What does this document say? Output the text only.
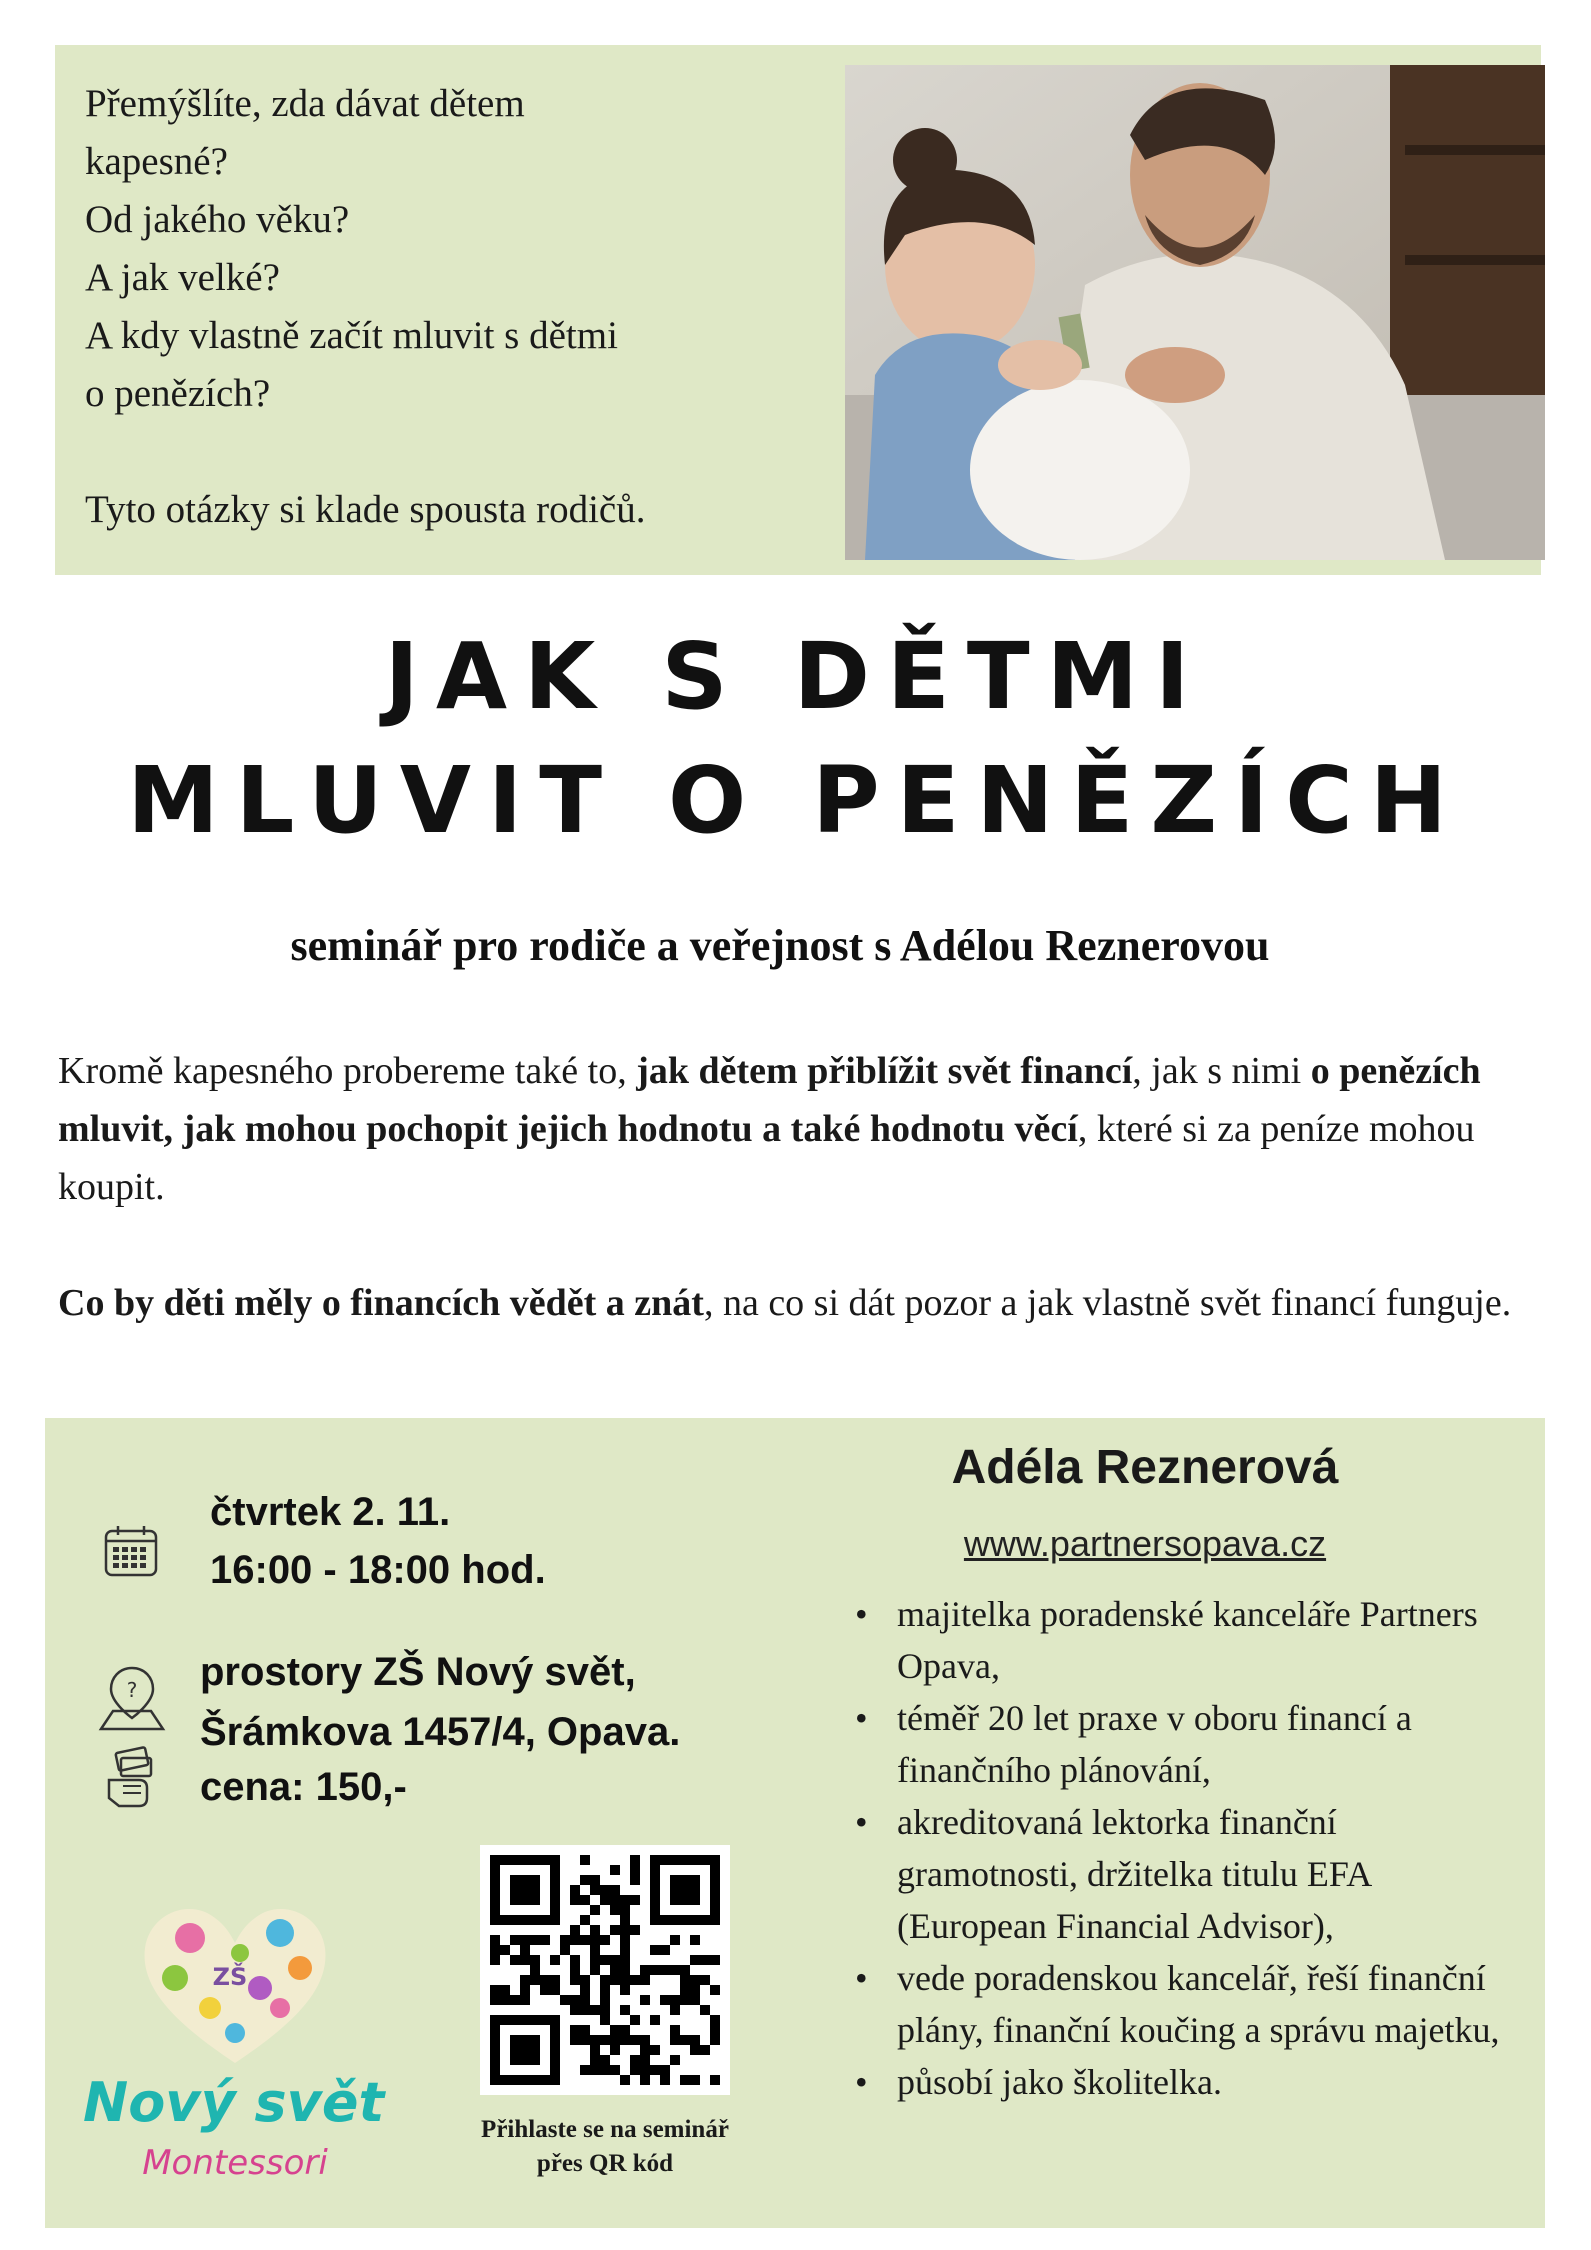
Přemýšlíte, zda dávat dětem

kapesné?

Od jakého věku?

A jak velké?

A kdy vlastně začít mluvit s dětmi

o penězích?

Tyto otázky si klade spousta rodičů.

JAK S DĚTMI
MLUVIT O PENĚZÍCH
seminář pro rodiče a veřejnost s Adélou Reznerovou

Kromě kapesného probereme také to, jak dětem přiblížit svět financí, jak s nimi o penězích mluvit, jak mohou pochopit jejich hodnotu a také hodnotu věcí, které si za peníze mohou koupit.

Co by děti měly o financích vědět a znát, na co si dát pozor a jak vlastně svět financí funguje.

čtvrtek 2. 11.
16:00 - 18:00 hod.
? prostory ZŠ Nový svět,
Šrámkova 1457/4, Opava.
cena: 150,-
ZŠ
Nový svět
Montessori
Přihlaste se na seminář
přes QR kód
Adéla Reznerová
www.partnersopava.cz
• majitelka poradenské kanceláře Partners Opava,
• téměř 20 let praxe v oboru financí a finančního plánování,
• akreditovaná lektorka finanční gramotnosti, držitelka titulu EFA (European Financial Advisor),
• vede poradenskou kancelář, řeší finanční plány, finanční koučing a správu majetku,
• působí jako školitelka.
